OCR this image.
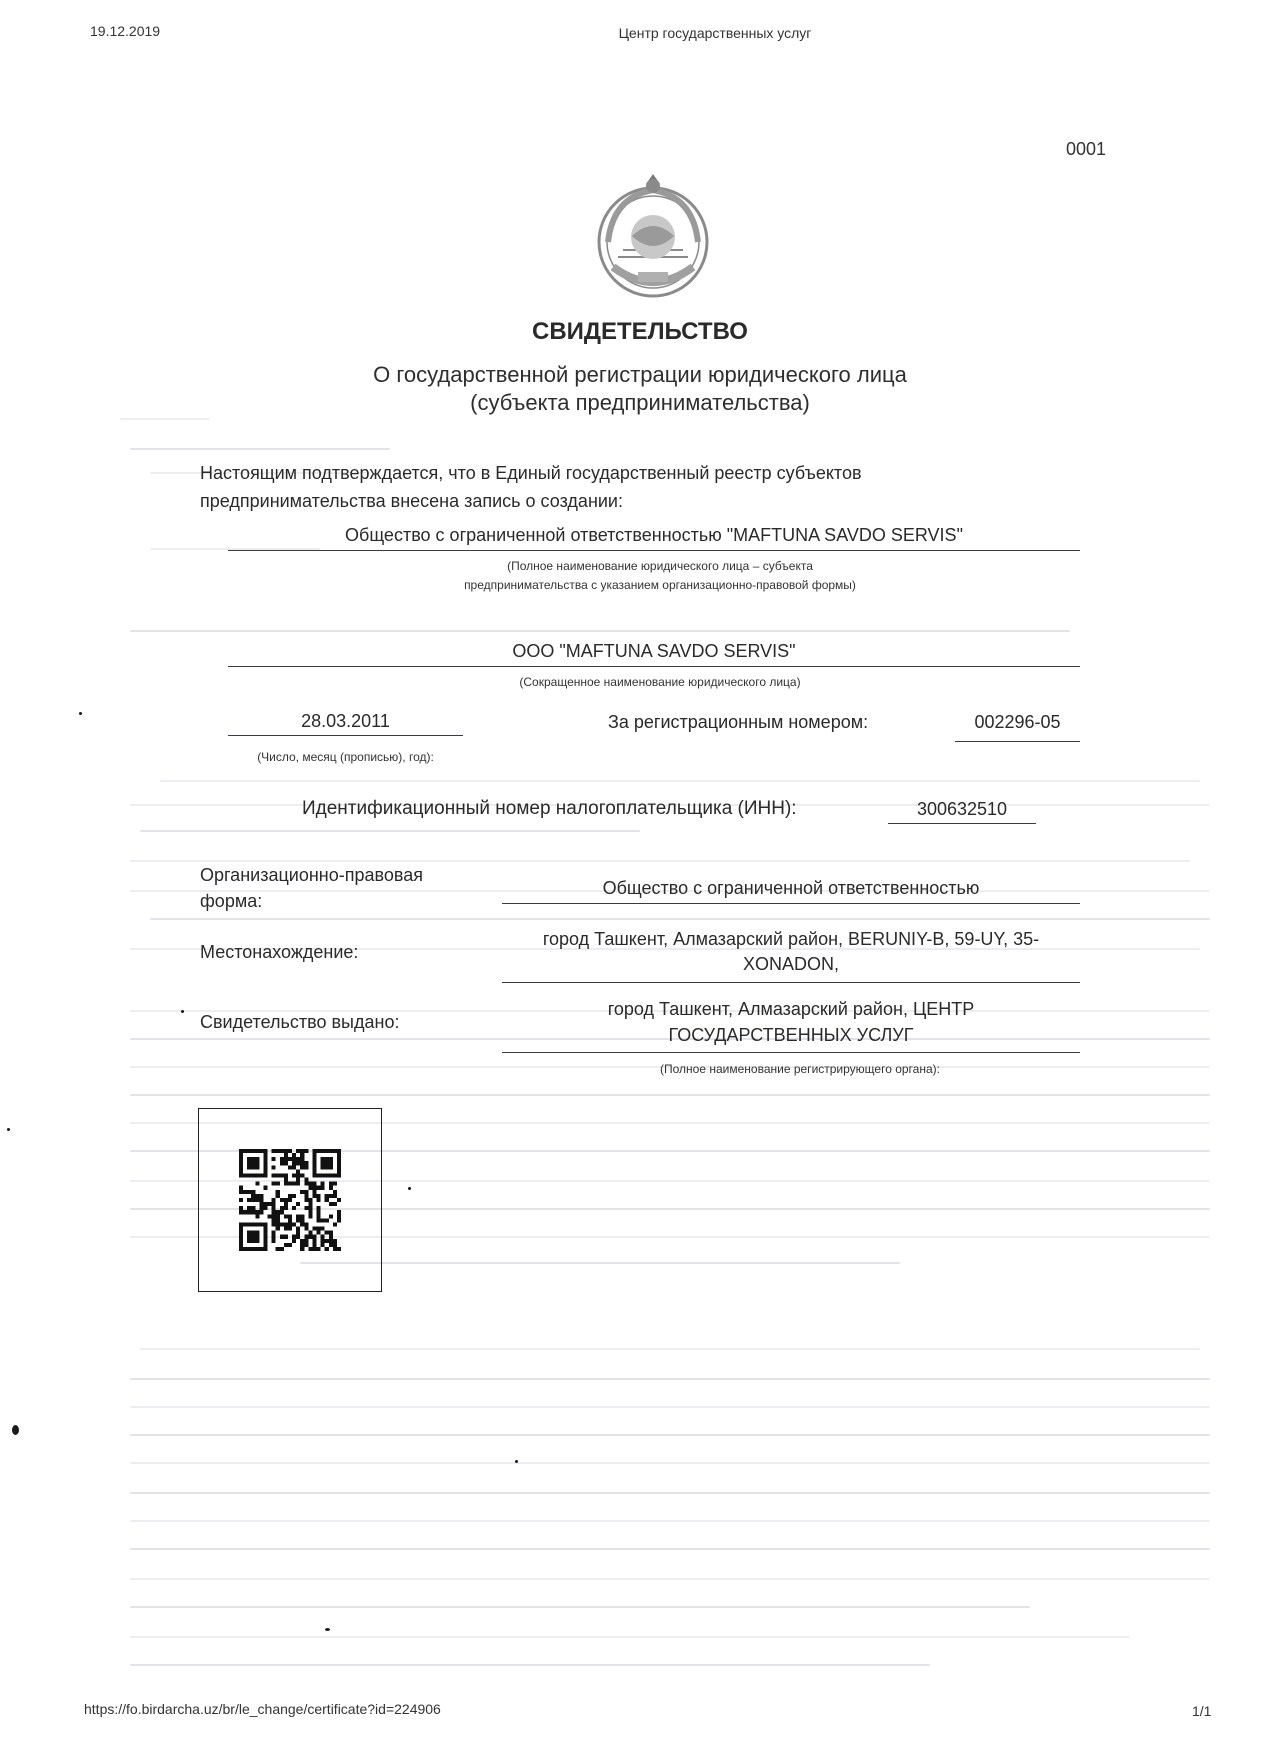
19.12.2019	Центр государственных услуг
0001
СВИДЕТЕЛЬСТВО
О государственной регистрации юридического лица
(субъекта предпринимательства)
Настоящим подтверждается, что в Единый государственный реестр субъектов
предпринимательства внесена запись о создании:
Общество с ограниченной ответственностью "MAFTUNA SAVDO SERVIS"
(Полное наименование юридического лица – субъекта
предпринимательства с указанием организационно-правовой формы)
ООО "MAFTUNA SAVDO SERVIS"
(Сокращенное наименование юридического лица)
28.03.2011
(Число, месяц (прописью), год):
За регистрационным номером:	002296-05
Идентификационный номер налогоплательщика (ИНН):	300632510
Организационно-правовая
форма:
Общество с ограниченной ответственностью
Местонахождение:
город Ташкент, Алмазарский район, BERUNIY-B, 59-UY, 35-
XONADON,
Свидетельство выдано:
город Ташкент, Алмазарский район, ЦЕНТР
ГОСУДАРСТВЕННЫХ УСЛУГ
(Полное наименование регистрирующего органа):
https://fo.birdarcha.uz/br/le_change/certificate?id=224906	1/1
